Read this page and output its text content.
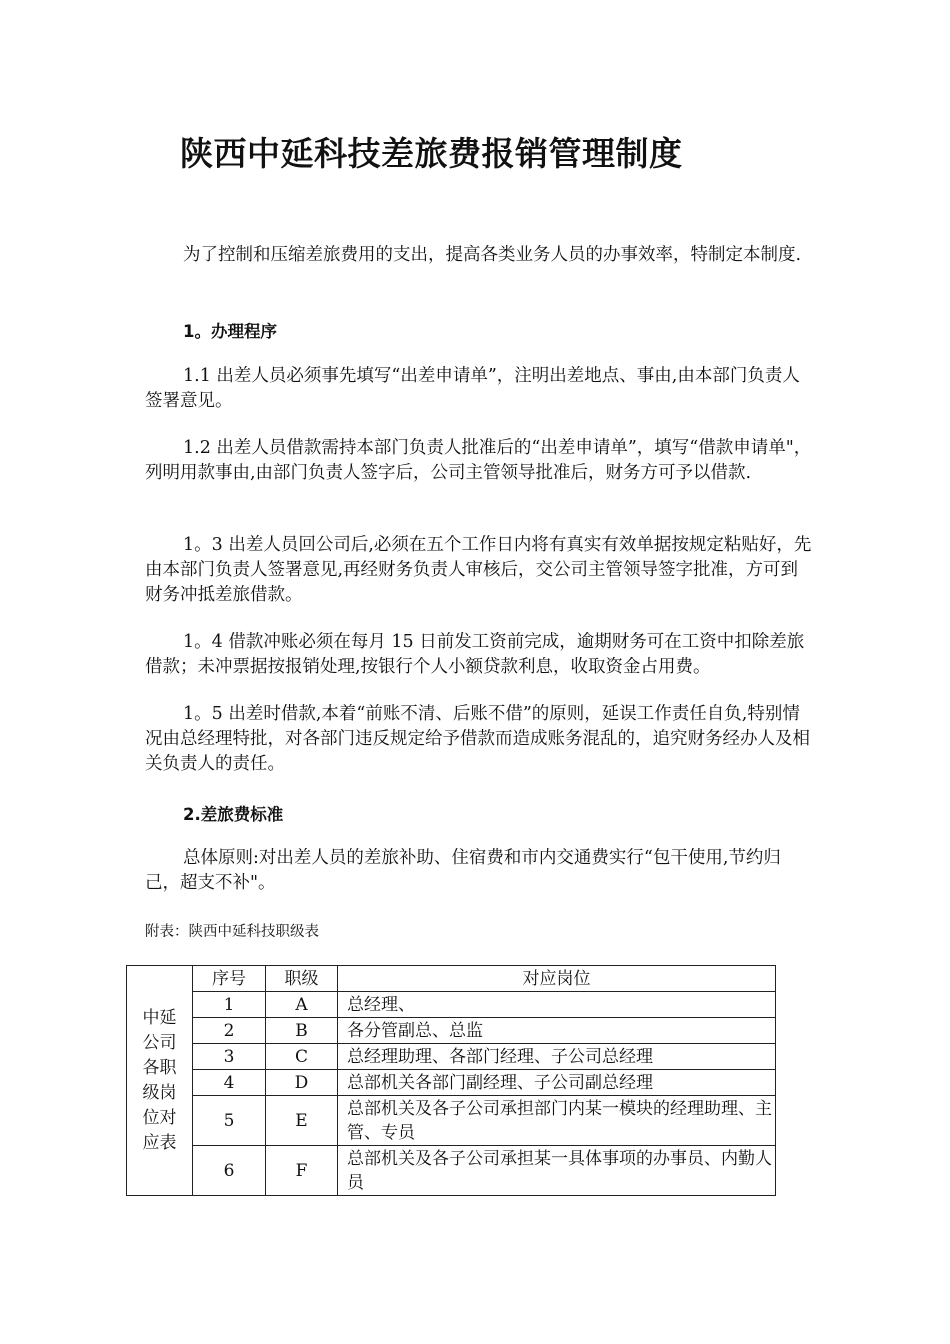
陕西中延科技差旅费报销管理制度

为了控制和压缩差旅费用的支出，提高各类业务人员的办事效率，特制定本制度.

1。办理程序

1.1 出差人员必须事先填写“出差申请单”，注明出差地点、事由,由本部门负责人签署意见。

1.2 出差人员借款需持本部门负责人批准后的“出差申请单”，填写“借款申请单"，列明用款事由,由部门负责人签字后，公司主管领导批准后，财务方可予以借款.

1。3 出差人员回公司后,必须在五个工作日内将有真实有效单据按规定粘贴好，先由本部门负责人签署意见,再经财务负责人审核后，交公司主管领导签字批准，方可到财务冲抵差旅借款。

1。4 借款冲账必须在每月 15 日前发工资前完成，逾期财务可在工资中扣除差旅借款；未冲票据按报销处理,按银行个人小额贷款利息，收取资金占用费。

1。5 出差时借款,本着“前账不清、后账不借”的原则，延误工作责任自负,特别情况由总经理特批，对各部门违反规定给予借款而造成账务混乱的，追究财务经办人及相关负责人的责任。

2.差旅费标准

总体原则:对出差人员的差旅补助、住宿费和市内交通费实行“包干使用,节约归己，超支不补"。

附表：陕西中延科技职级表

中延公司各职级岗位对应表	序号	职级	对应岗位
	1	A	总经理、
	2	B	各分管副总、总监
	3	C	总经理助理、各部门经理、子公司总经理
	4	D	总部机关各部门副经理、子公司副总经理
	5	E	总部机关及各子公司承担部门内某一模块的经理助理、主管、专员
	6	F	总部机关及各子公司承担某一具体事项的办事员、内勤人员
